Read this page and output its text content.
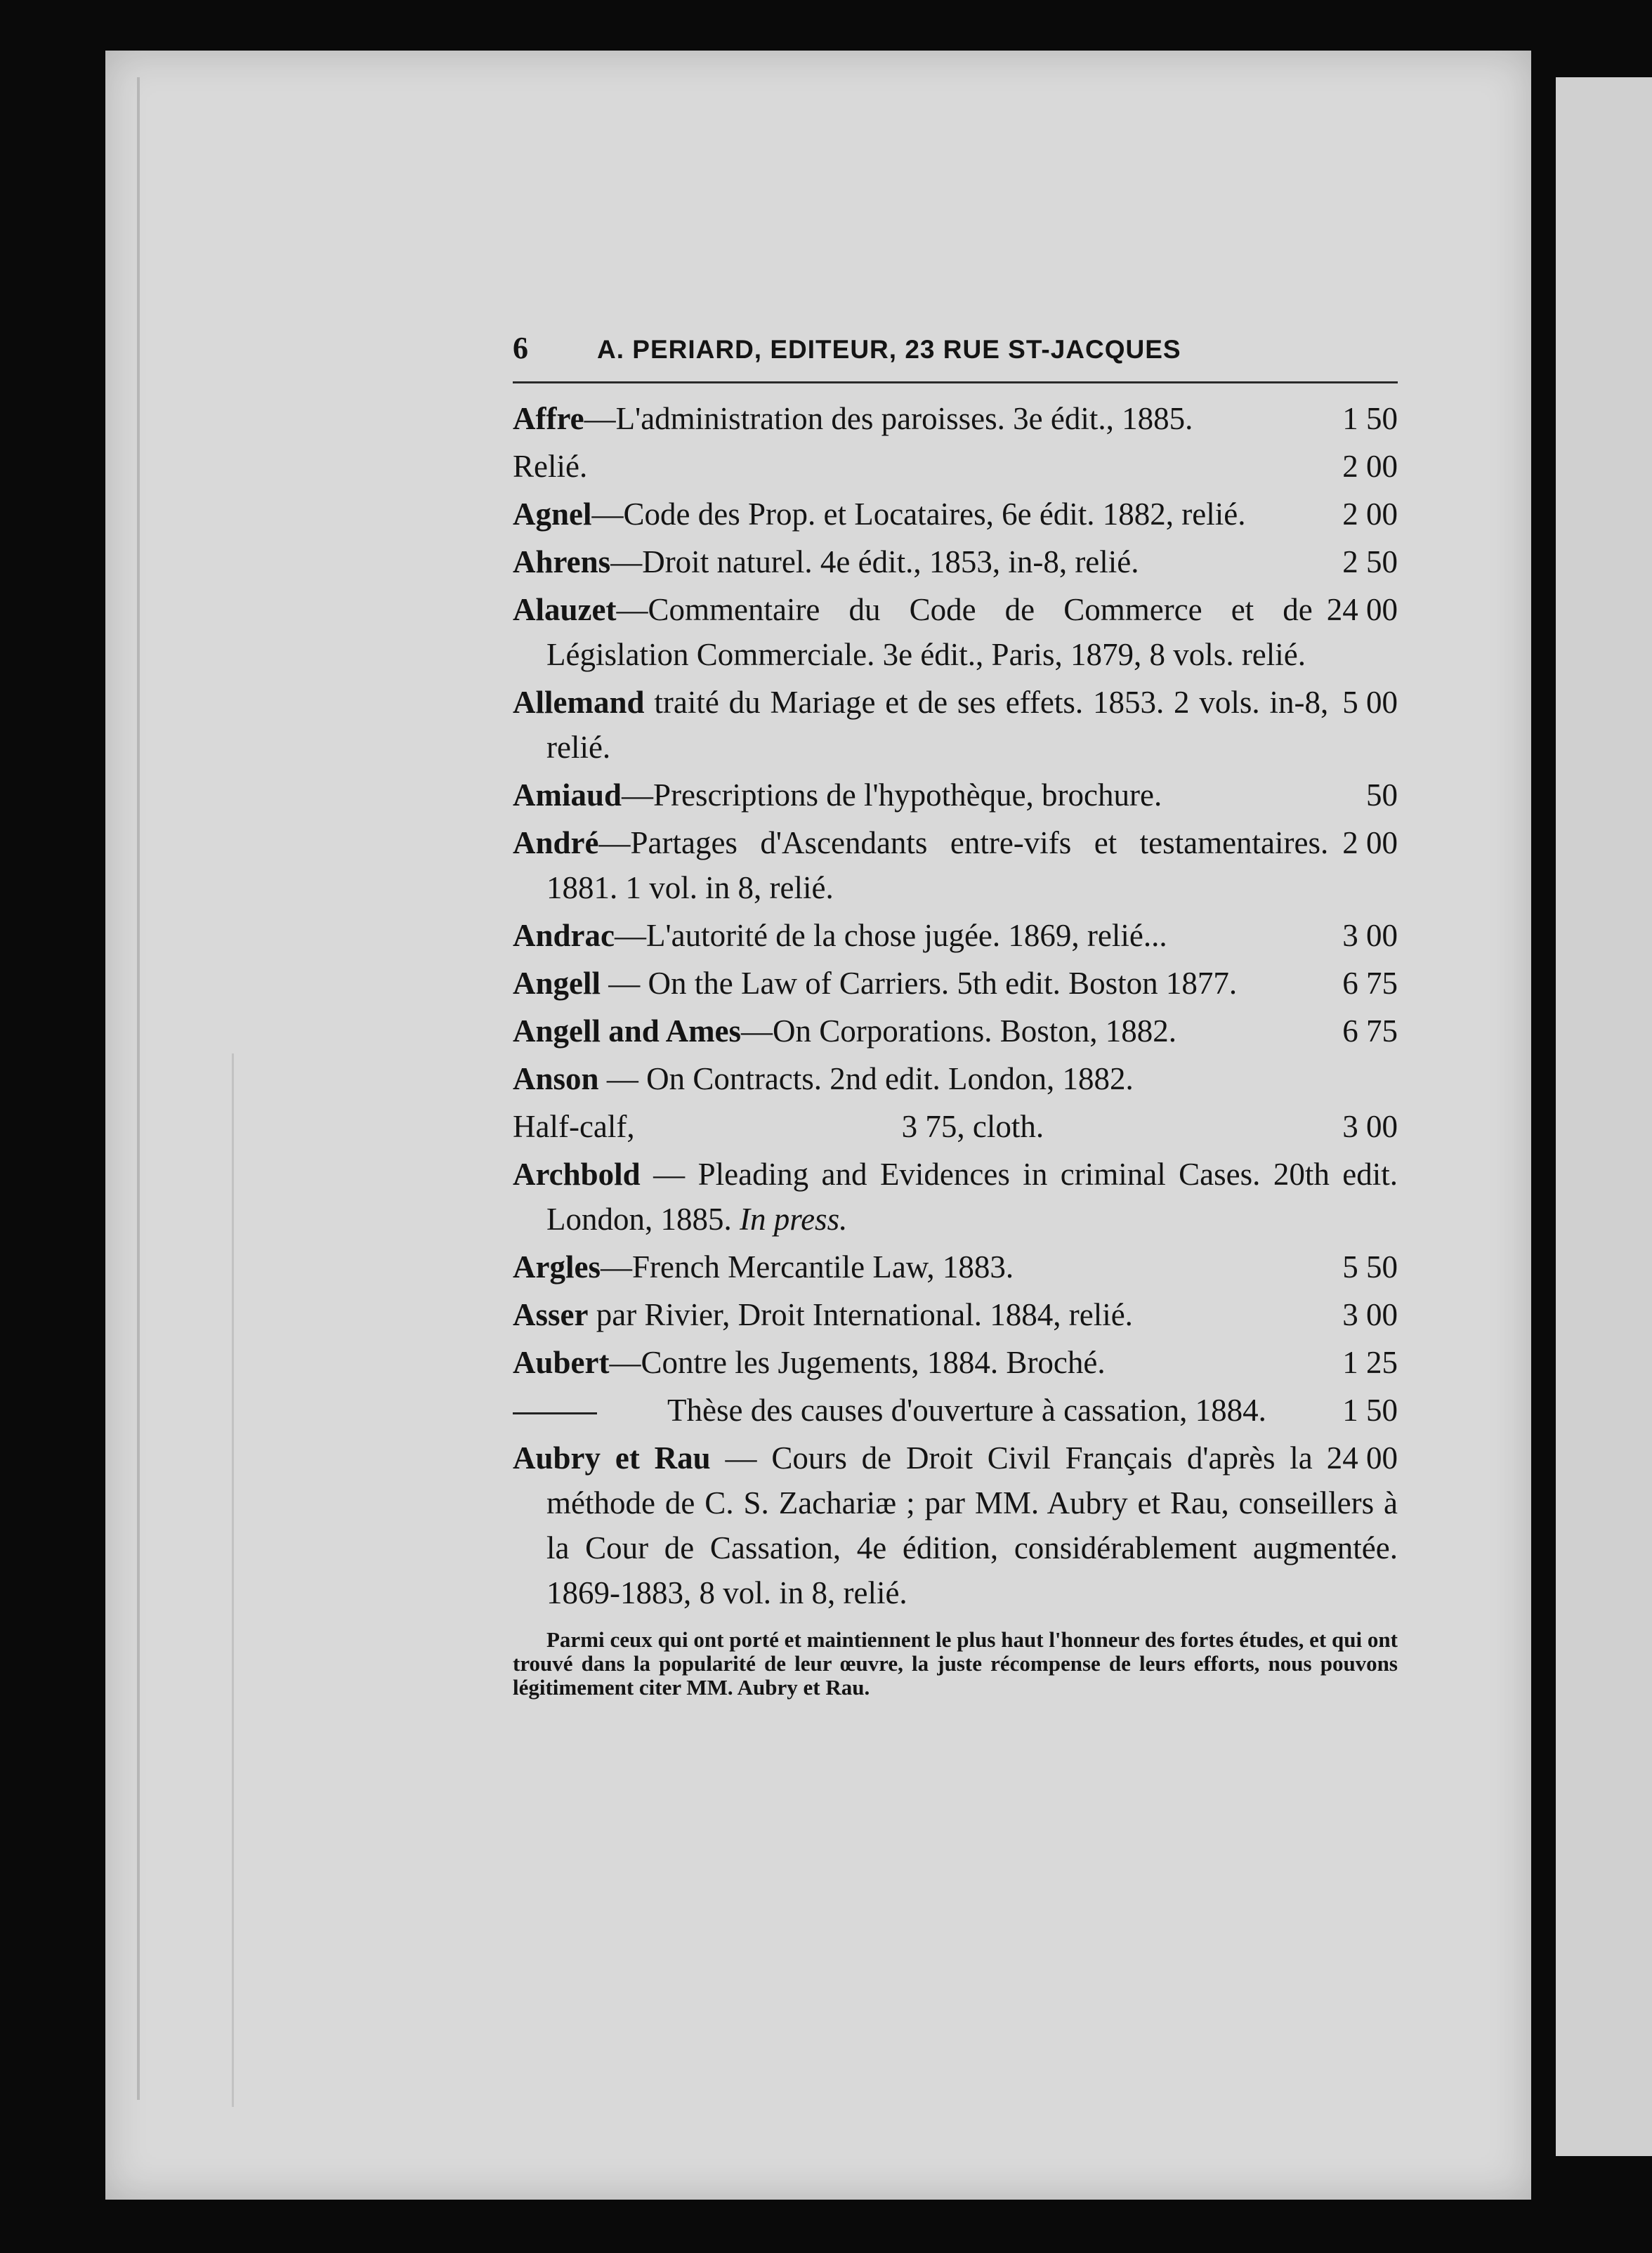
6	A. PERIARD, EDITEUR, 23 RUE ST-JACQUES

1 50
Affre—L'administration des paroisses. 3e édit., 1885.

2 00
Relié.

2 00
Agnel—Code des Prop. et Locataires, 6e édit. 1882, relié.

2 50
Ahrens—Droit naturel. 4e édit., 1853, in-8, relié.

24 00
Alauzet—Commentaire du Code de Commerce et de Législation Commerciale. 3e édit., Paris, 1879, 8 vols. relié.

5 00
Allemand traité du Mariage et de ses effets. 1853. 2 vols. in-8, relié.

50
Amiaud—Prescriptions de l'hypothèque, brochure.

2 00
André—Partages d'Ascendants entre-vifs et testamentaires. 1881. 1 vol. in 8, relié.

3 00
Andrac—L'autorité de la chose jugée. 1869, relié...

6 75
Angell — On the Law of Carriers. 5th edit. Boston 1877.

6 75
Angell and Ames—On Corporations. Boston, 1882.

Anson — On Contracts. 2nd edit. London, 1882.

3 00
Half-calf,	3 75, cloth.

Archbold — Pleading and Evidences in criminal Cases. 20th edit. London, 1885. In press.

5 50
Argles—French Mercantile Law, 1883.

3 00
Asser par Rivier, Droit International. 1884, relié.

1 25
Aubert—Contre les Jugements, 1884. Broché.

1 50
Thèse des causes d'ouverture à cassation, 1884.

24 00
Aubry et Rau — Cours de Droit Civil Français d'après la méthode de C. S. Zachariæ ; par MM. Aubry et Rau, conseillers à la Cour de Cassation, 4e édition, considérablement augmentée. 1869-1883, 8 vol. in 8, relié.

Parmi ceux qui ont porté et maintiennent le plus haut l'honneur des fortes études, et qui ont trouvé dans la popularité de leur œuvre, la juste récompense de leurs efforts, nous pouvons légitimement citer MM. Aubry et Rau.
